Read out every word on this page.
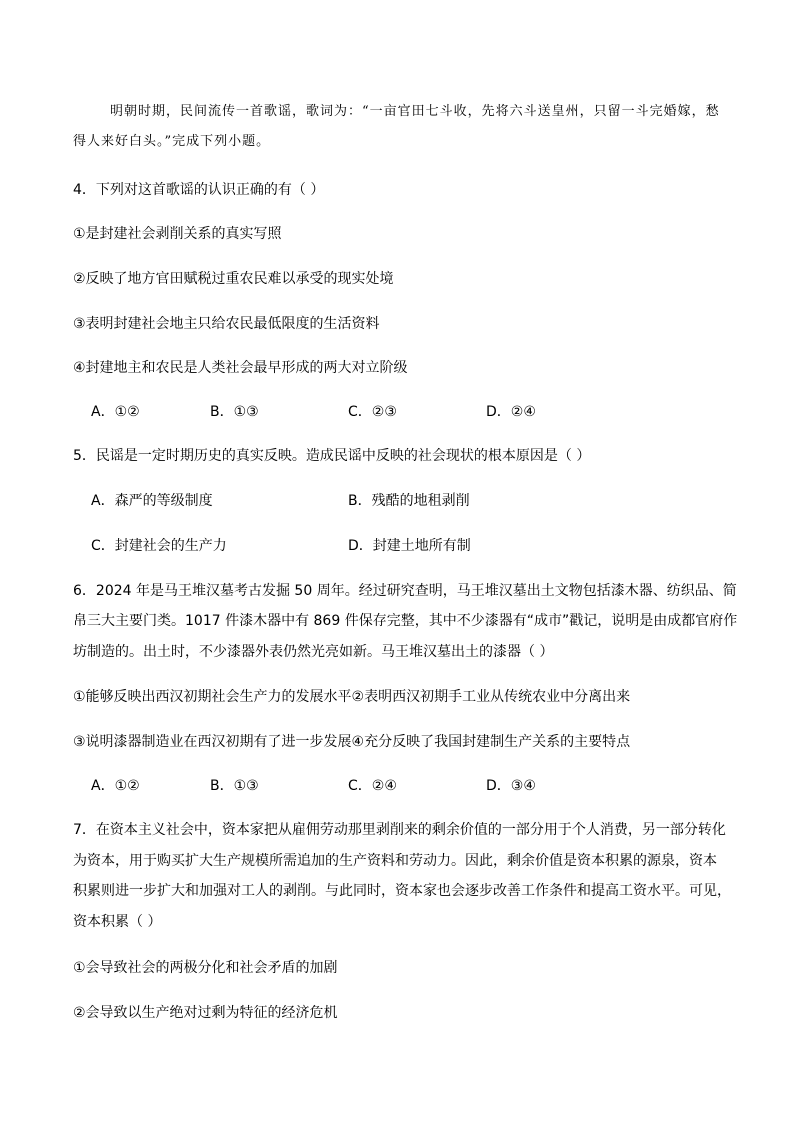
明朝时期，民间流传一首歌谣，歌词为：“一亩官田七斗收，先将六斗送皇州，只留一斗完婚嫁，愁
得人来好白头。”完成下列小题。
4．下列对这首歌谣的认识正确的有（ ）
①是封建社会剥削关系的真实写照
②反映了地方官田赋税过重农民难以承受的现实处境
③表明封建社会地主只给农民最低限度的生活资料
④封建地主和农民是人类社会最早形成的两大对立阶级
A．①②	B．①③	C．②③	D．②④
5．民谣是一定时期历史的真实反映。造成民谣中反映的社会现状的根本原因是（ ）
A．森严的等级制度	B．残酷的地租剥削
C．封建社会的生产力	D．封建土地所有制
6．2024 年是马王堆汉墓考古发掘 50 周年。经过研究查明，马王堆汉墓出土文物包括漆木器、纺织品、简
帛三大主要门类。1017 件漆木器中有 869 件保存完整，其中不少漆器有“成市”戳记，说明是由成都官府作
坊制造的。出土时，不少漆器外表仍然光亮如新。马王堆汉墓出土的漆器（ ）
①能够反映出西汉初期社会生产力的发展水平②表明西汉初期手工业从传统农业中分离出来
③说明漆器制造业在西汉初期有了进一步发展④充分反映了我国封建制生产关系的主要特点
A．①②	B．①③	C．②④	D．③④
7．在资本主义社会中，资本家把从雇佣劳动那里剥削来的剩余价值的一部分用于个人消费，另一部分转化
为资本，用于购买扩大生产规模所需追加的生产资料和劳动力。因此，剩余价值是资本积累的源泉，资本
积累则进一步扩大和加强对工人的剥削。与此同时，资本家也会逐步改善工作条件和提高工资水平。可见，
资本积累（ ）
①会导致社会的两极分化和社会矛盾的加剧
②会导致以生产绝对过剩为特征的经济危机
